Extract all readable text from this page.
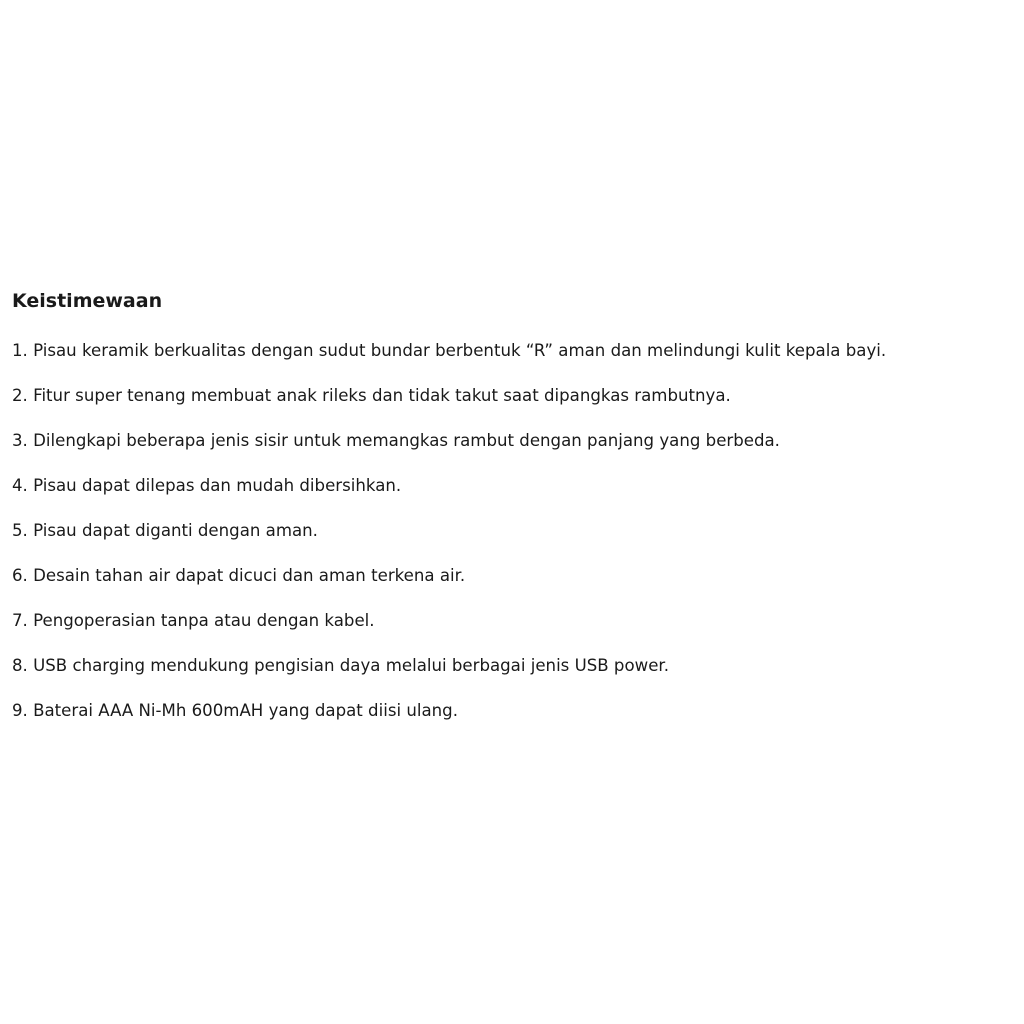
Keistimewaan

1. Pisau keramik berkualitas dengan sudut bundar berbentuk “R” aman dan melindungi kulit kepala bayi.

2. Fitur super tenang membuat anak rileks dan tidak takut saat dipangkas rambutnya.

3. Dilengkapi beberapa jenis sisir untuk memangkas rambut dengan panjang yang berbeda.

4. Pisau dapat dilepas dan mudah dibersihkan.

5. Pisau dapat diganti dengan aman.

6. Desain tahan air dapat dicuci dan aman terkena air.

7. Pengoperasian tanpa atau dengan kabel.

8. USB charging mendukung pengisian daya melalui berbagai jenis USB power.

9. Baterai AAA Ni-Mh 600mAH yang dapat diisi ulang.
